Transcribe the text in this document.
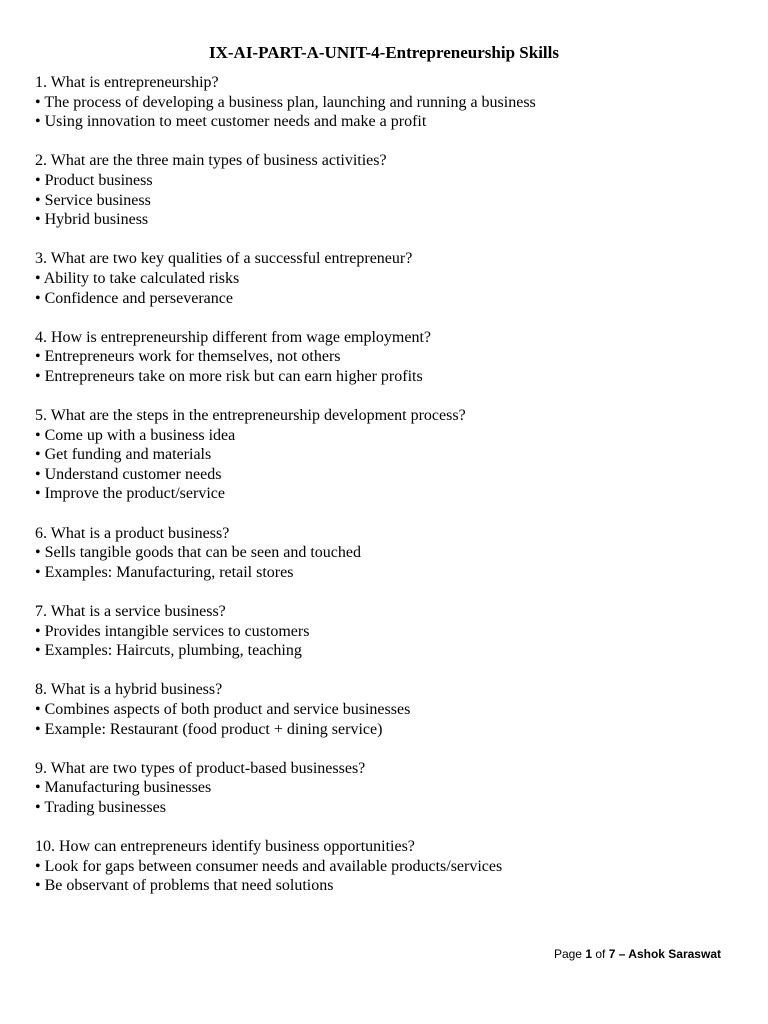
IX-AI-PART-A-UNIT-4-Entrepreneurship Skills
1. What is entrepreneurship?
• The process of developing a business plan, launching and running a business
• Using innovation to meet customer needs and make a profit
2. What are the three main types of business activities?
• Product business
• Service business
• Hybrid business
3. What are two key qualities of a successful entrepreneur?
• Ability to take calculated risks
• Confidence and perseverance
4. How is entrepreneurship different from wage employment?
• Entrepreneurs work for themselves, not others
• Entrepreneurs take on more risk but can earn higher profits
5. What are the steps in the entrepreneurship development process?
• Come up with a business idea
• Get funding and materials
• Understand customer needs
• Improve the product/service
6. What is a product business?
• Sells tangible goods that can be seen and touched
• Examples: Manufacturing, retail stores
7. What is a service business?
• Provides intangible services to customers
• Examples: Haircuts, plumbing, teaching
8. What is a hybrid business?
• Combines aspects of both product and service businesses
• Example: Restaurant (food product + dining service)
9. What are two types of product-based businesses?
• Manufacturing businesses
• Trading businesses
10. How can entrepreneurs identify business opportunities?
• Look for gaps between consumer needs and available products/services
• Be observant of problems that need solutions
Page 1 of 7 – Ashok Saraswat
